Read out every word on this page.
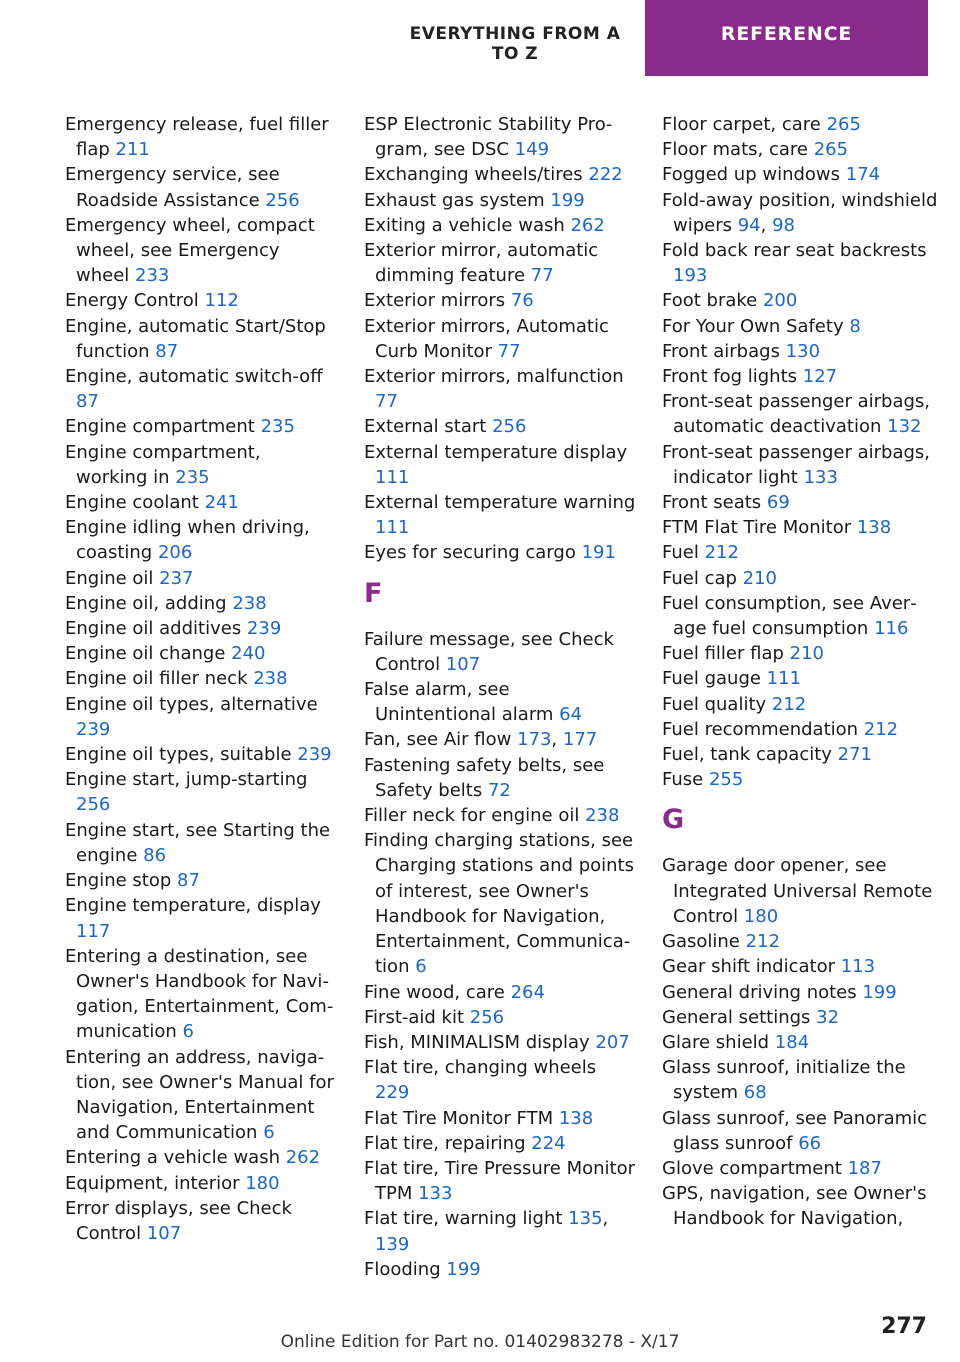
EVERYTHING FROM A TO Z
REFERENCE
Emergency release, fuel filler flap 211
Emergency service, see Roadside Assistance 256
Emergency wheel, compact wheel, see Emergency wheel 233
Energy Control 112
Engine, automatic Start/Stop function 87
Engine, automatic switch-off 87
Engine compartment 235
Engine compartment, working in 235
Engine coolant 241
Engine idling when driving, coasting 206
Engine oil 237
Engine oil, adding 238
Engine oil additives 239
Engine oil change 240
Engine oil filler neck 238
Engine oil types, alternative 239
Engine oil types, suitable 239
Engine start, jump-starting 256
Engine start, see Starting the engine 86
Engine stop 87
Engine temperature, display 117
Entering a destination, see Owner's Handbook for Navigation, Entertainment, Communication 6
Entering an address, navigation, see Owner's Manual for Navigation, Entertainment and Communication 6
Entering a vehicle wash 262
Equipment, interior 180
Error displays, see Check Control 107
ESP Electronic Stability Program, see DSC 149
Exchanging wheels/tires 222
Exhaust gas system 199
Exiting a vehicle wash 262
Exterior mirror, automatic dimming feature 77
Exterior mirrors 76
Exterior mirrors, Automatic Curb Monitor 77
Exterior mirrors, malfunction 77
External start 256
External temperature display 111
External temperature warning 111
Eyes for securing cargo 191
F
Failure message, see Check Control 107
False alarm, see Unintentional alarm 64
Fan, see Air flow 173, 177
Fastening safety belts, see Safety belts 72
Filler neck for engine oil 238
Finding charging stations, see Charging stations and points of interest, see Owner's Handbook for Navigation, Entertainment, Communication 6
Fine wood, care 264
First-aid kit 256
Fish, MINIMALISM display 207
Flat tire, changing wheels 229
Flat Tire Monitor FTM 138
Flat tire, repairing 224
Flat tire, Tire Pressure Monitor TPM 133
Flat tire, warning light 135, 139
Flooding 199
Floor carpet, care 265
Floor mats, care 265
Fogged up windows 174
Fold-away position, windshield wipers 94, 98
Fold back rear seat backrests 193
Foot brake 200
For Your Own Safety 8
Front airbags 130
Front fog lights 127
Front-seat passenger airbags, automatic deactivation 132
Front-seat passenger airbags, indicator light 133
Front seats 69
FTM Flat Tire Monitor 138
Fuel 212
Fuel cap 210
Fuel consumption, see Average fuel consumption 116
Fuel filler flap 210
Fuel gauge 111
Fuel quality 212
Fuel recommendation 212
Fuel, tank capacity 271
Fuse 255
G
Garage door opener, see Integrated Universal Remote Control 180
Gasoline 212
Gear shift indicator 113
General driving notes 199
General settings 32
Glare shield 184
Glass sunroof, initialize the system 68
Glass sunroof, see Panoramic glass sunroof 66
Glove compartment 187
GPS, navigation, see Owner's Handbook for Navigation,
277
Online Edition for Part no. 01402983278 - X/17
